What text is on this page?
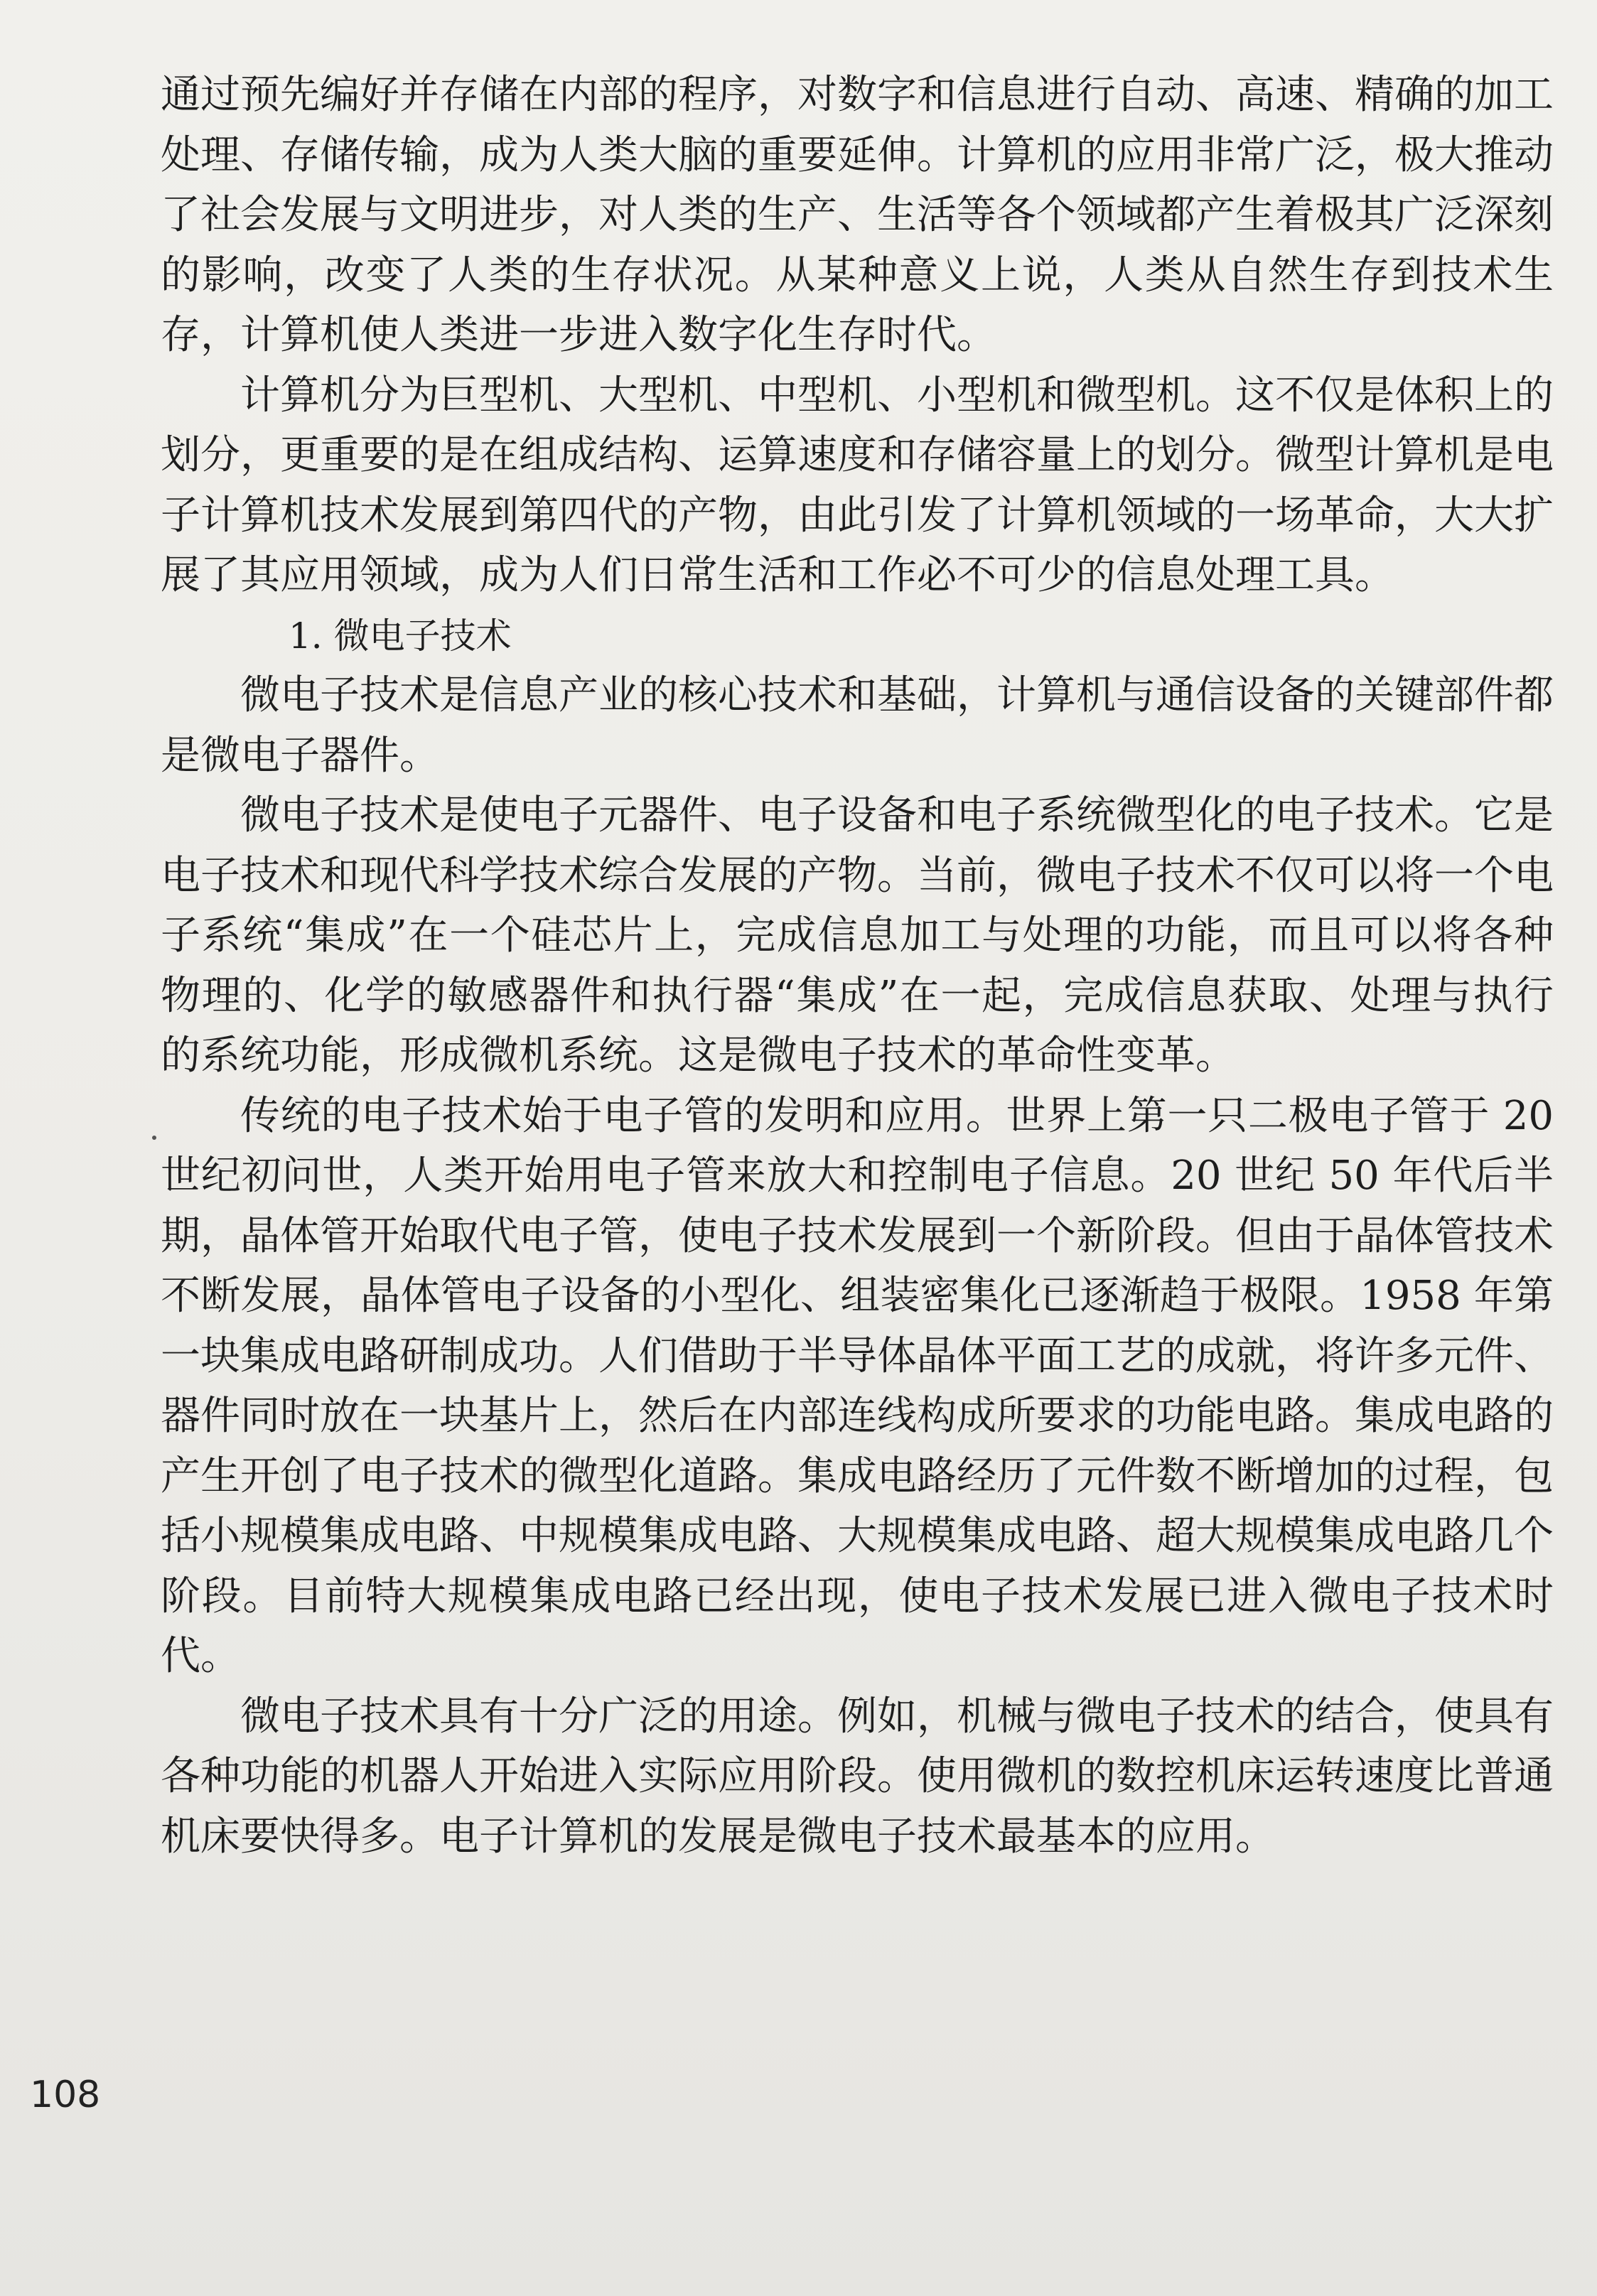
通过预先编好并存储在内部的程序，对数字和信息进行自动、高速、精确的加工处理、存储传输，成为人类大脑的重要延伸。计算机的应用非常广泛，极大推动了社会发展与文明进步，对人类的生产、生活等各个领域都产生着极其广泛深刻的影响，改变了人类的生存状况。从某种意义上说，人类从自然生存到技术生存，计算机使人类进一步进入数字化生存时代。

计算机分为巨型机、大型机、中型机、小型机和微型机。这不仅是体积上的划分，更重要的是在组成结构、运算速度和存储容量上的划分。微型计算机是电子计算机技术发展到第四代的产物，由此引发了计算机领域的一场革命，大大扩展了其应用领域，成为人们日常生活和工作必不可少的信息处理工具。

1. 微电子技术

微电子技术是信息产业的核心技术和基础，计算机与通信设备的关键部件都是微电子器件。

微电子技术是使电子元器件、电子设备和电子系统微型化的电子技术。它是电子技术和现代科学技术综合发展的产物。当前，微电子技术不仅可以将一个电子系统“集成”在一个硅芯片上，完成信息加工与处理的功能，而且可以将各种物理的、化学的敏感器件和执行器“集成”在一起，完成信息获取、处理与执行的系统功能，形成微机系统。这是微电子技术的革命性变革。

传统的电子技术始于电子管的发明和应用。世界上第一只二极电子管于 20 世纪初问世，人类开始用电子管来放大和控制电子信息。20 世纪 50 年代后半期，晶体管开始取代电子管，使电子技术发展到一个新阶段。但由于晶体管技术不断发展，晶体管电子设备的小型化、组装密集化已逐渐趋于极限。1958 年第一块集成电路研制成功。人们借助于半导体晶体平面工艺的成就，将许多元件、器件同时放在一块基片上，然后在内部连线构成所要求的功能电路。集成电路的产生开创了电子技术的微型化道路。集成电路经历了元件数不断增加的过程，包括小规模集成电路、中规模集成电路、大规模集成电路、超大规模集成电路几个阶段。目前特大规模集成电路已经出现，使电子技术发展已进入微电子技术时代。

微电子技术具有十分广泛的用途。例如，机械与微电子技术的结合，使具有各种功能的机器人开始进入实际应用阶段。使用微机的数控机床运转速度比普通机床要快得多。电子计算机的发展是微电子技术最基本的应用。

108
